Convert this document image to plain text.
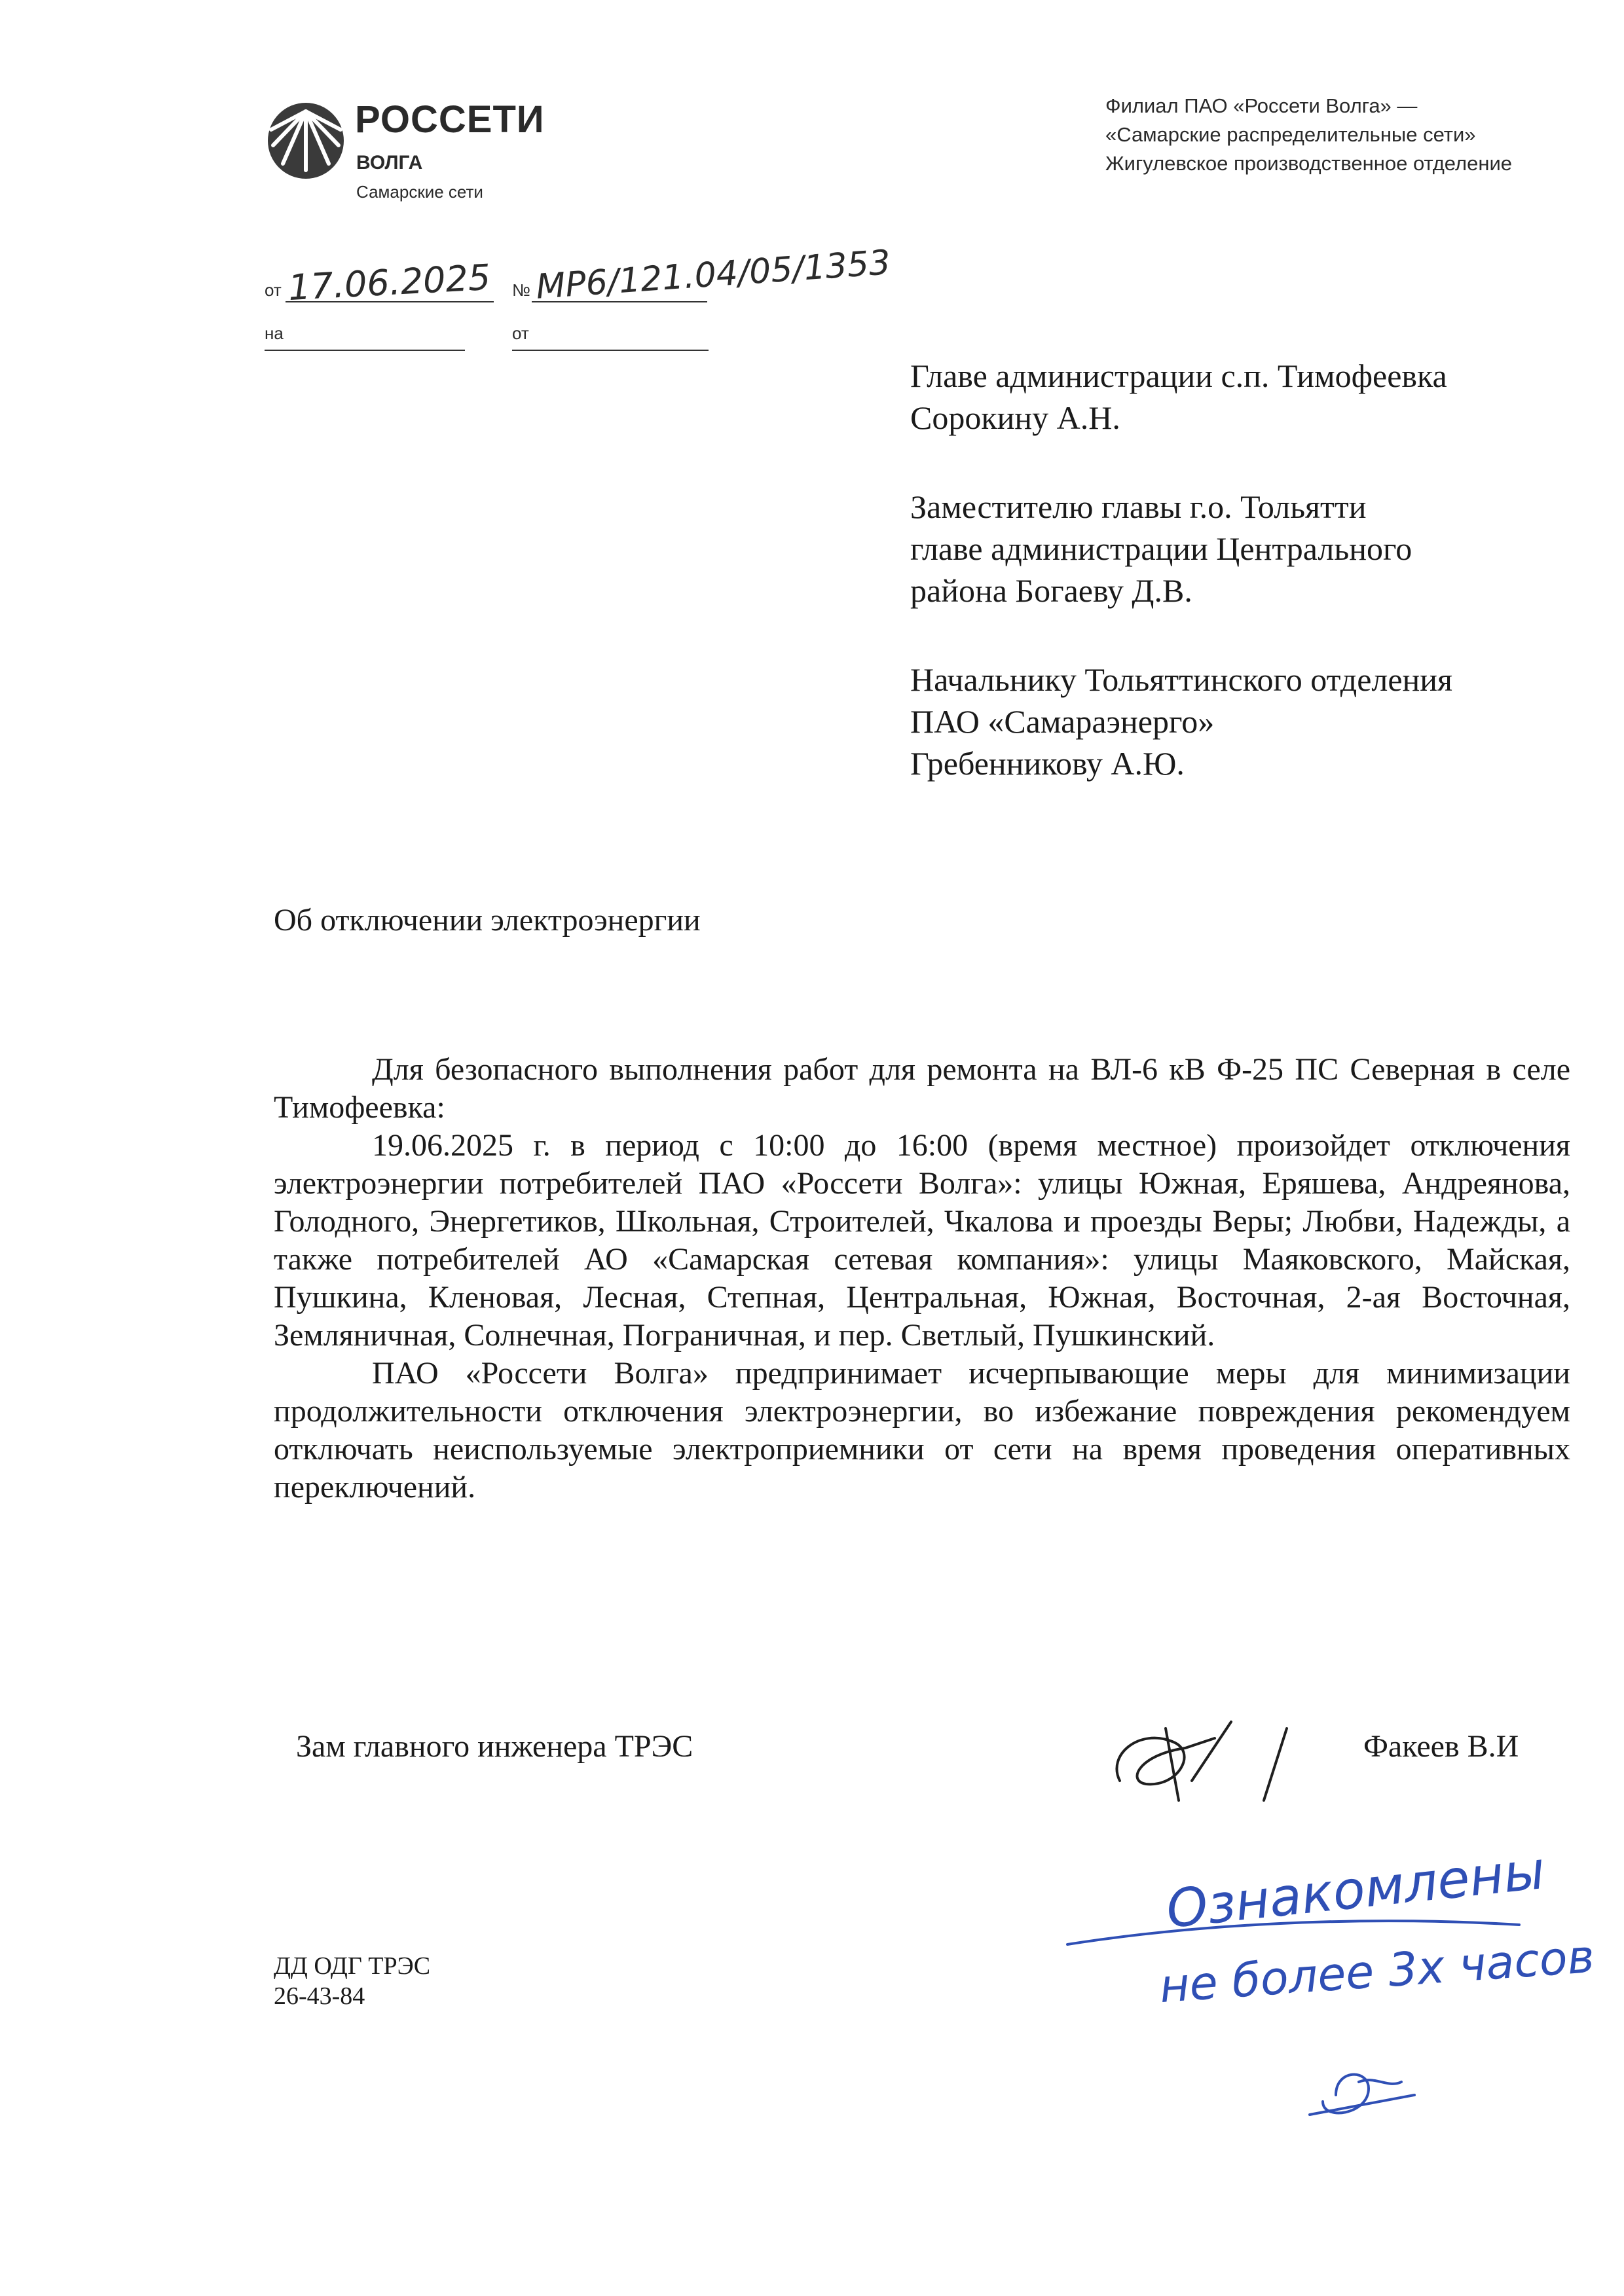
РОССЕТИ
ВОЛГА
Самарские сети
Филиал ПАО «Россети Волга» —
«Самарские распределительные сети»
Жигулевское производственное отделение
от 17.06.2025 № МР6/121.04/05/1353
на	от
Главе администрации с.п. Тимофеевка
Сорокину А.Н.
Заместителю главы г.о. Тольятти
главе администрации Центрального
района Богаеву Д.В.
Начальнику Тольяттинского отделения
ПАО «Самараэнерго»
Гребенникову А.Ю.
Об отключении электроэнергии

Для безопасного выполнения работ для ремонта на ВЛ-6 кВ Ф-25 ПС Северная в селе Тимофеевка:

19.06.2025 г. в период с 10:00 до 16:00 (время местное) произойдет отключения электроэнергии потребителей ПАО «Россети Волга»: улицы Южная, Еряшева, Андреянова, Голодного, Энергетиков, Школьная, Строителей, Чкалова и проезды Веры; Любви, Надежды, а также потребителей АО «Самарская сетевая компания»: улицы Маяковского, Майская, Пушкина, Кленовая, Лесная, Степная, Центральная, Южная, Восточная, 2-ая Восточная, Земляничная, Солнечная, Пограничная, и пер. Светлый, Пушкинский.

ПАО «Россети Волга» предпринимает исчерпывающие меры для минимизации продолжительности отключения электроэнергии, во избежание повреждения рекомендуем отключать неиспользуемые электроприемники от сети на время проведения оперативных переключений.

Зам главного инженера ТРЭС	Факеев В.И
Ознакомлены
не более 3х часов
ДД ОДГ ТРЭС
26-43-84
